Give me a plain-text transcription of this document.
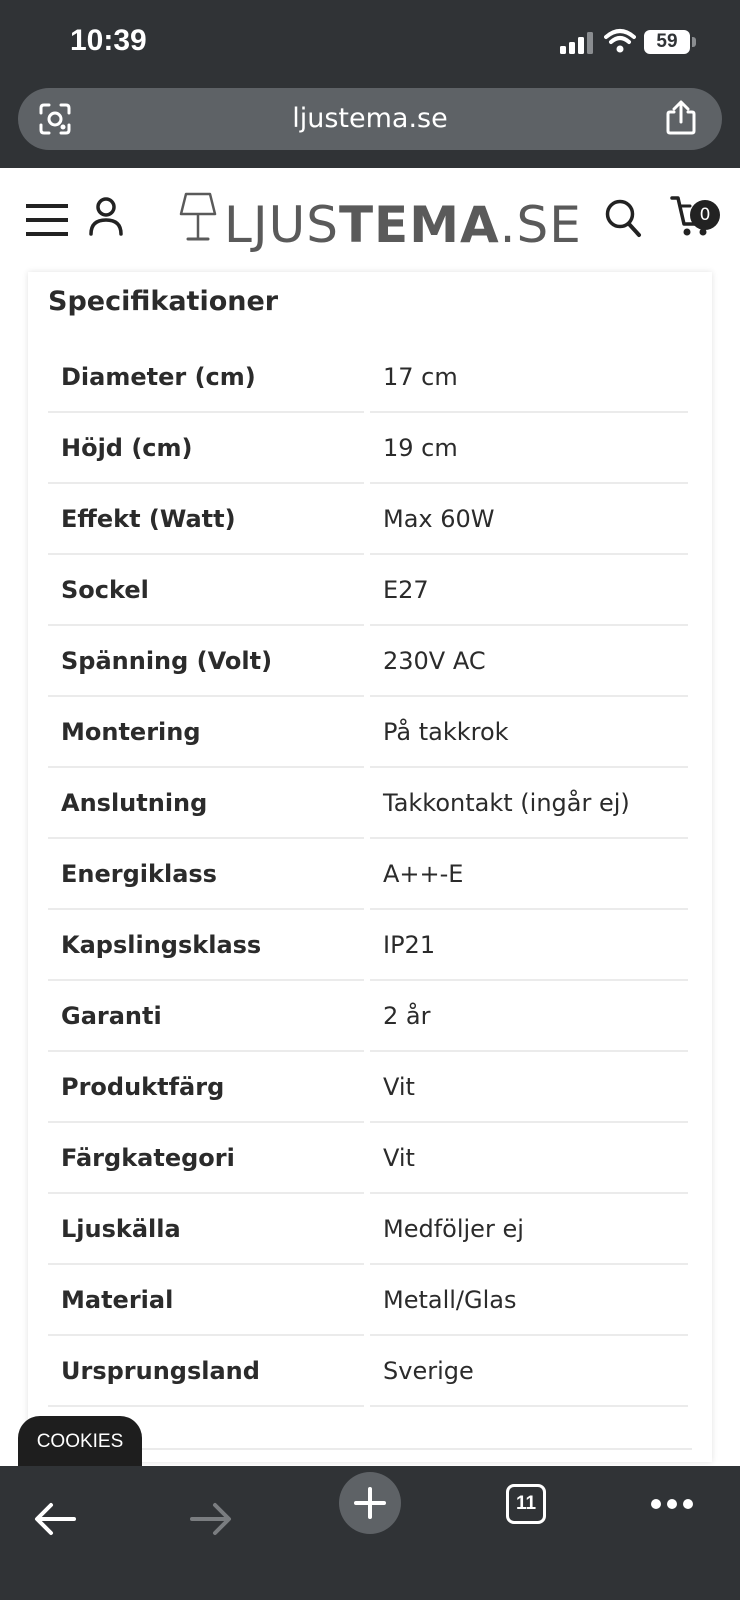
10:39	59
ljustema.se
LJUSTEMA.SE	0
Specifikationer
Diameter (cm)	17 cm
Höjd (cm)	19 cm
Effekt (Watt)	Max 60W
Sockel	E27
Spänning (Volt)	230V AC
Montering	På takkrok
Anslutning	Takkontakt (ingår ej)
Energiklass	A++-E
Kapslingsklass	IP21
Garanti	2 år
Produktfärg	Vit
Färgkategori	Vit
Ljuskälla	Medföljer ej
Material	Metall/Glas
Ursprungsland	Sverige
COOKIES
11
